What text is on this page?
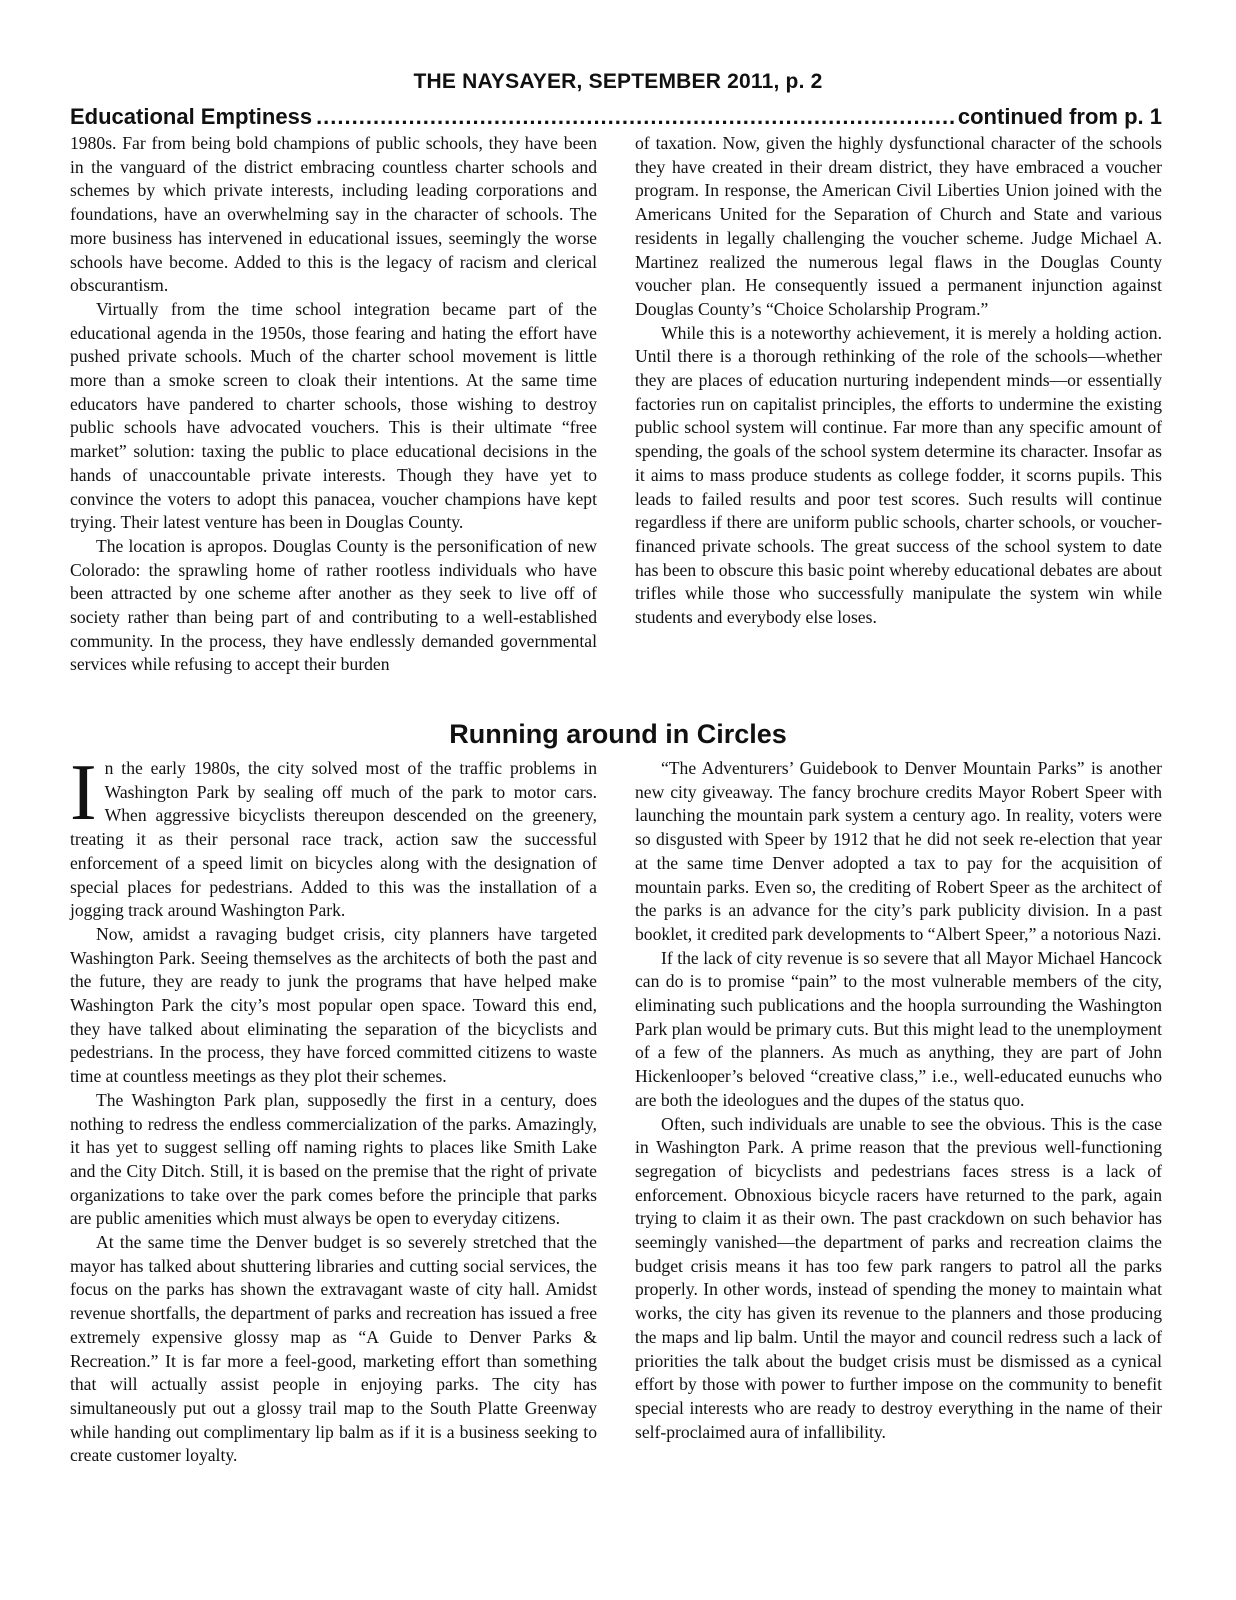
THE NAYSAYER, SEPTEMBER 2011, p. 2
Educational Emptiness .....	continued from p. 1

1980s. Far from being bold champions of public schools, they have been in the vanguard of the district embracing countless charter schools and schemes by which private interests, including leading corporations and foundations, have an overwhelming say in the character of schools. The more business has intervened in educational issues, seemingly the worse schools have become. Added to this is the legacy of racism and clerical obscurantism.

Virtually from the time school integration became part of the educational agenda in the 1950s, those fearing and hating the effort have pushed private schools. Much of the charter school movement is little more than a smoke screen to cloak their intentions. At the same time educators have pandered to charter schools, those wishing to destroy public schools have advocated vouchers. This is their ultimate “free market” solution: taxing the public to place educational decisions in the hands of unaccountable private interests. Though they have yet to convince the voters to adopt this panacea, voucher champions have kept trying. Their latest venture has been in Douglas County.

The location is apropos. Douglas County is the personification of new Colorado: the sprawling home of rather rootless individuals who have been attracted by one scheme after another as they seek to live off of society rather than being part of and contributing to a well-established community. In the process, they have endlessly demanded governmental services while refusing to accept their burden

of taxation. Now, given the highly dysfunctional character of the schools they have created in their dream district, they have embraced a voucher program. In response, the American Civil Liberties Union joined with the Americans United for the Separation of Church and State and various residents in legally challenging the voucher scheme. Judge Michael A. Martinez realized the numerous legal flaws in the Douglas County voucher plan. He consequently issued a permanent injunction against Douglas County’s “Choice Scholarship Program.”

While this is a noteworthy achievement, it is merely a holding action. Until there is a thorough rethinking of the role of the schools—whether they are places of education nurturing independent minds—or essentially factories run on capitalist principles, the efforts to undermine the existing public school system will continue. Far more than any specific amount of spending, the goals of the school system determine its character. Insofar as it aims to mass produce students as college fodder, it scorns pupils. This leads to failed results and poor test scores. Such results will continue regardless if there are uniform public schools, charter schools, or voucher-financed private schools. The great success of the school system to date has been to obscure this basic point whereby educational debates are about trifles while those who successfully manipulate the system win while students and everybody else loses.

Running around in Circles

In the early 1980s, the city solved most of the traffic problems in Washington Park by sealing off much of the park to motor cars. When aggressive bicyclists thereupon descended on the greenery, treating it as their personal race track, action saw the successful enforcement of a speed limit on bicycles along with the designation of special places for pedestrians. Added to this was the installation of a jogging track around Washington Park.

Now, amidst a ravaging budget crisis, city planners have targeted Washington Park. Seeing themselves as the architects of both the past and the future, they are ready to junk the programs that have helped make Washington Park the city’s most popular open space. Toward this end, they have talked about eliminating the separation of the bicyclists and pedestrians. In the process, they have forced committed citizens to waste time at countless meetings as they plot their schemes.

The Washington Park plan, supposedly the first in a century, does nothing to redress the endless commercialization of the parks. Amazingly, it has yet to suggest selling off naming rights to places like Smith Lake and the City Ditch. Still, it is based on the premise that the right of private organizations to take over the park comes before the principle that parks are public amenities which must always be open to everyday citizens.

At the same time the Denver budget is so severely stretched that the mayor has talked about shuttering libraries and cutting social services, the focus on the parks has shown the extravagant waste of city hall. Amidst revenue shortfalls, the department of parks and recreation has issued a free extremely expensive glossy map as “A Guide to Denver Parks & Recreation.” It is far more a feel-good, marketing effort than something that will actually assist people in enjoying parks. The city has simultaneously put out a glossy trail map to the South Platte Greenway while handing out complimentary lip balm as if it is a business seeking to create customer loyalty.

“The Adventurers’ Guidebook to Denver Mountain Parks” is another new city giveaway. The fancy brochure credits Mayor Robert Speer with launching the mountain park system a century ago. In reality, voters were so disgusted with Speer by 1912 that he did not seek re-election that year at the same time Denver adopted a tax to pay for the acquisition of mountain parks. Even so, the crediting of Robert Speer as the architect of the parks is an advance for the city’s park publicity division. In a past booklet, it credited park developments to “Albert Speer,” a notorious Nazi.

If the lack of city revenue is so severe that all Mayor Michael Hancock can do is to promise “pain” to the most vulnerable members of the city, eliminating such publications and the hoopla surrounding the Washington Park plan would be primary cuts. But this might lead to the unemployment of a few of the planners. As much as anything, they are part of John Hickenlooper’s beloved “creative class,” i.e., well-educated eunuchs who are both the ideologues and the dupes of the status quo.

Often, such individuals are unable to see the obvious. This is the case in Washington Park. A prime reason that the previous well-functioning segregation of bicyclists and pedestrians faces stress is a lack of enforcement. Obnoxious bicycle racers have returned to the park, again trying to claim it as their own. The past crackdown on such behavior has seemingly vanished—the department of parks and recreation claims the budget crisis means it has too few park rangers to patrol all the parks properly. In other words, instead of spending the money to maintain what works, the city has given its revenue to the planners and those producing the maps and lip balm. Until the mayor and council redress such a lack of priorities the talk about the budget crisis must be dismissed as a cynical effort by those with power to further impose on the community to benefit special interests who are ready to destroy everything in the name of their self-proclaimed aura of infallibility.
